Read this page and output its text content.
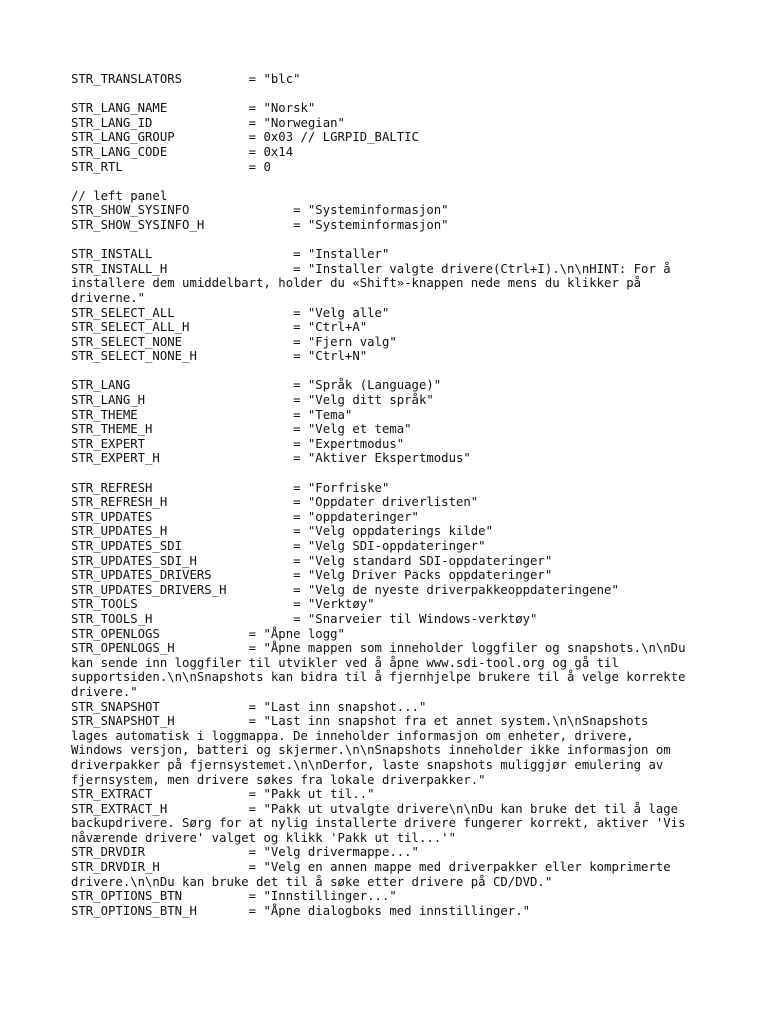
STR_TRANSLATORS         = "blc"

STR_LANG_NAME           = "Norsk"
STR_LANG_ID             = "Norwegian"
STR_LANG_GROUP          = 0x03 // LGRPID_BALTIC
STR_LANG_CODE           = 0x14
STR_RTL                 = 0

// left panel
STR_SHOW_SYSINFO              = "Systeminformasjon"
STR_SHOW_SYSINFO_H            = "Systeminformasjon"

STR_INSTALL                   = "Installer"
STR_INSTALL_H                 = "Installer valgte drivere(Ctrl+I).\n\nHINT: For å
installere dem umiddelbart, holder du «Shift»-knappen nede mens du klikker på
driverne."
STR_SELECT_ALL                = "Velg alle"
STR_SELECT_ALL_H              = "Ctrl+A"
STR_SELECT_NONE               = "Fjern valg"
STR_SELECT_NONE_H             = "Ctrl+N"

STR_LANG                      = "Språk (Language)"
STR_LANG_H                    = "Velg ditt språk"
STR_THEME                     = "Tema"
STR_THEME_H                   = "Velg et tema"
STR_EXPERT                    = "Expertmodus"
STR_EXPERT_H                  = "Aktiver Ekspertmodus"

STR_REFRESH                   = "Forfriske"
STR_REFRESH_H                 = "Oppdater driverlisten"
STR_UPDATES                   = "oppdateringer"
STR_UPDATES_H                 = "Velg oppdaterings kilde"
STR_UPDATES_SDI               = "Velg SDI-oppdateringer"
STR_UPDATES_SDI_H             = "Velg standard SDI-oppdateringer"
STR_UPDATES_DRIVERS           = "Velg Driver Packs oppdateringer"
STR_UPDATES_DRIVERS_H         = "Velg de nyeste driverpakkeoppdateringene"
STR_TOOLS                     = "Verktøy"
STR_TOOLS_H                   = "Snarveier til Windows-verktøy"
STR_OPENLOGS            = "Åpne logg"
STR_OPENLOGS_H          = "Åpne mappen som inneholder loggfiler og snapshots.\n\nDu
kan sende inn loggfiler til utvikler ved å åpne www.sdi-tool.org og gå til
supportsiden.\n\nSnapshots kan bidra til å fjernhjelpe brukere til å velge korrekte
drivere."
STR_SNAPSHOT            = "Last inn snapshot..."
STR_SNAPSHOT_H          = "Last inn snapshot fra et annet system.\n\nSnapshots
lages automatisk i loggmappa. De inneholder informasjon om enheter, drivere,
Windows versjon, batteri og skjermer.\n\nSnapshots inneholder ikke informasjon om
driverpakker på fjernsystemet.\n\nDerfor, laste snapshots muliggjør emulering av
fjernsystem, men drivere søkes fra lokale driverpakker."
STR_EXTRACT             = "Pakk ut til.."
STR_EXTRACT_H           = "Pakk ut utvalgte drivere\n\nDu kan bruke det til å lage
backupdrivere. Sørg for at nylig installerte drivere fungerer korrekt, aktiver 'Vis
nåværende drivere' valget og klikk 'Pakk ut til...'"
STR_DRVDIR              = "Velg drivermappe..."
STR_DRVDIR_H            = "Velg en annen mappe med driverpakker eller komprimerte
drivere.\n\nDu kan bruke det til å søke etter drivere på CD/DVD."
STR_OPTIONS_BTN         = "Innstillinger..."
STR_OPTIONS_BTN_H       = "Åpne dialogboks med innstillinger."
